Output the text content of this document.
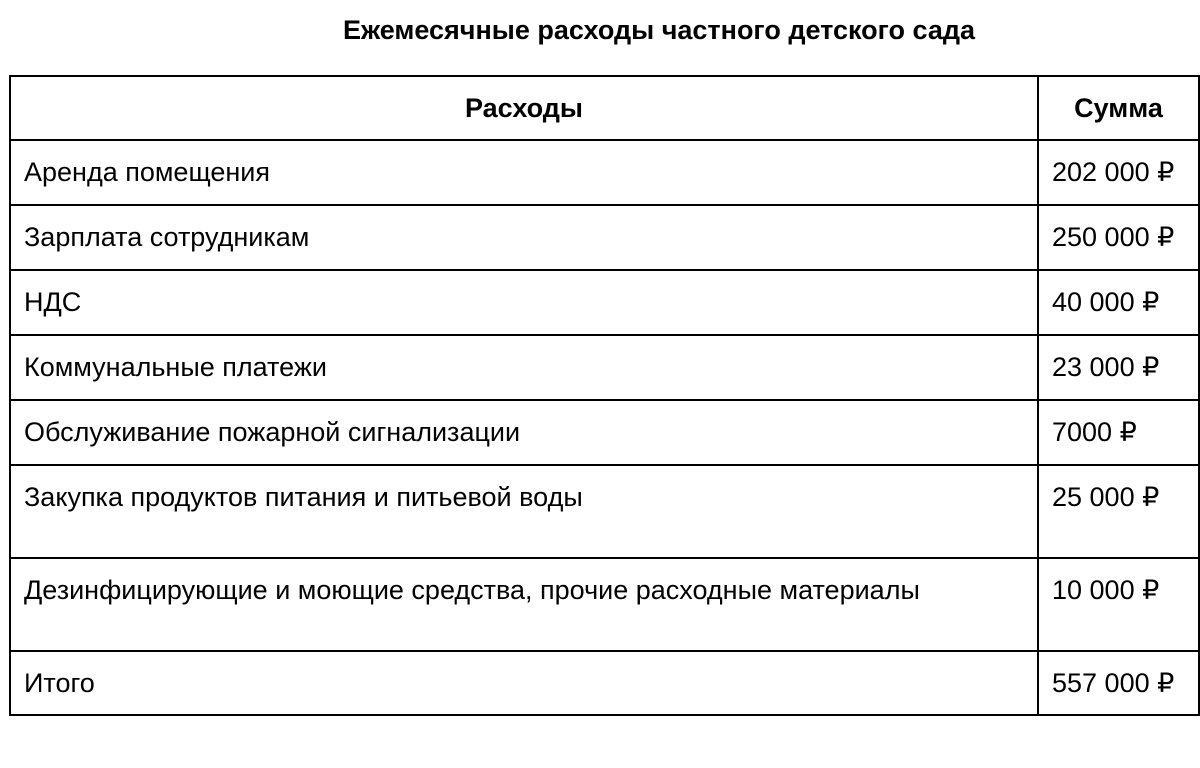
Ежемесячные расходы частного детского сада
Расходы	Сумма
Аренда помещения	202 000 ₽
Зарплата сотрудникам	250 000 ₽
НДС	40 000 ₽
Коммунальные платежи	23 000 ₽
Обслуживание пожарной сигнализации	7000 ₽
Закупка продуктов питания и питьевой воды	25 000 ₽
Дезинфицирующие и моющие средства, прочие расходные материалы	10 000 ₽
Итого	557 000 ₽
